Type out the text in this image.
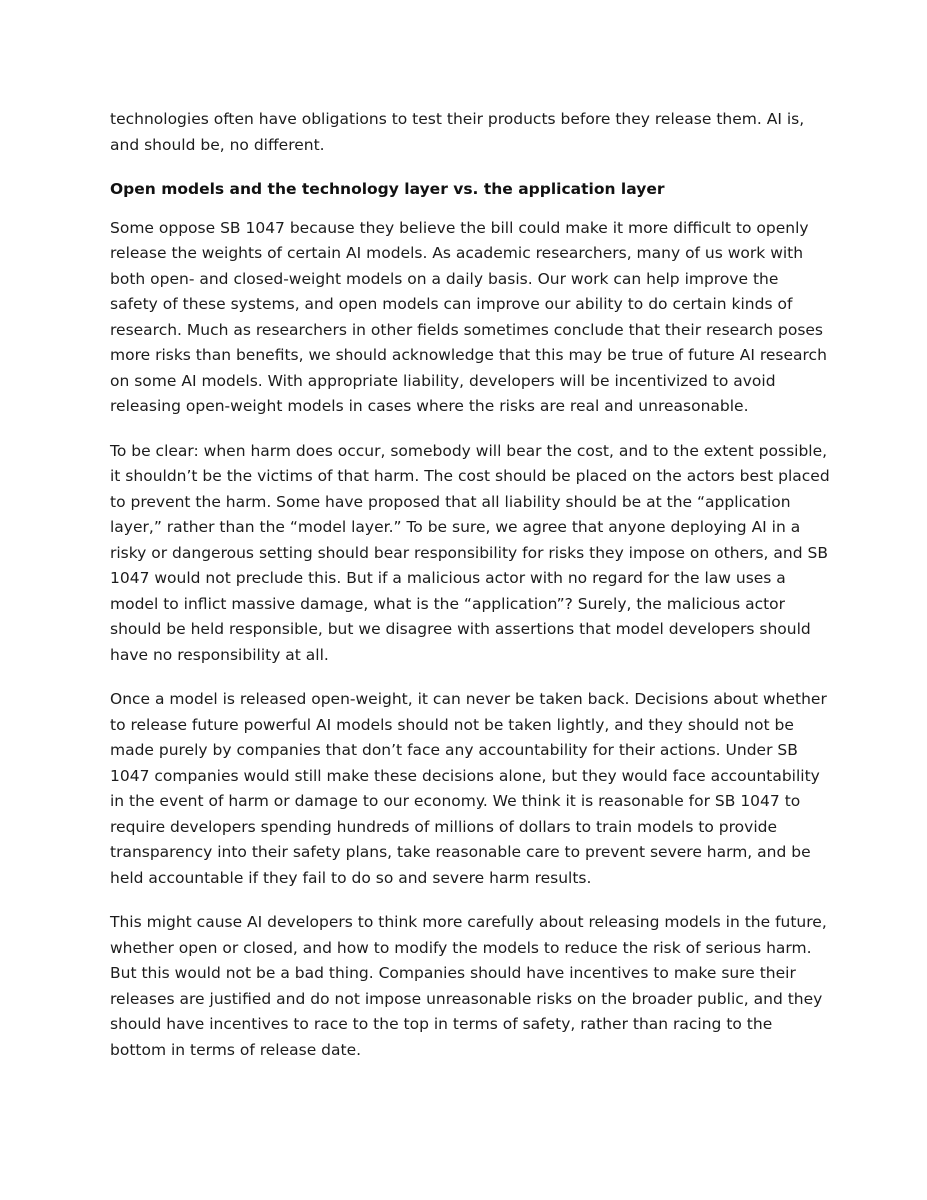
technologies often have obligations to test their products before they release them. AI is, and should be, no different.

Open models and the technology layer vs. the application layer

Some oppose SB 1047 because they believe the bill could make it more difficult to openly release the weights of certain AI models. As academic researchers, many of us work with both open- and closed-weight models on a daily basis. Our work can help improve the safety of these systems, and open models can improve our ability to do certain kinds of research. Much as researchers in other fields sometimes conclude that their research poses more risks than benefits, we should acknowledge that this may be true of future AI research on some AI models. With appropriate liability, developers will be incentivized to avoid releasing open-weight models in cases where the risks are real and unreasonable.

To be clear: when harm does occur, somebody will bear the cost, and to the extent possible, it shouldn’t be the victims of that harm. The cost should be placed on the actors best placed to prevent the harm. Some have proposed that all liability should be at the “application layer,” rather than the “model layer.” To be sure, we agree that anyone deploying AI in a risky or dangerous setting should bear responsibility for risks they impose on others, and SB 1047 would not preclude this. But if a malicious actor with no regard for the law uses a model to inflict massive damage, what is the “application”? Surely, the malicious actor should be held responsible, but we disagree with assertions that model developers should have no responsibility at all.

Once a model is released open-weight, it can never be taken back. Decisions about whether to release future powerful AI models should not be taken lightly, and they should not be made purely by companies that don’t face any accountability for their actions. Under SB 1047 companies would still make these decisions alone, but they would face accountability in the event of harm or damage to our economy. We think it is reasonable for SB 1047 to require developers spending hundreds of millions of dollars to train models to provide transparency into their safety plans, take reasonable care to prevent severe harm, and be held accountable if they fail to do so and severe harm results.

This might cause AI developers to think more carefully about releasing models in the future, whether open or closed, and how to modify the models to reduce the risk of serious harm. But this would not be a bad thing. Companies should have incentives to make sure their releases are justified and do not impose unreasonable risks on the broader public, and they should have incentives to race to the top in terms of safety, rather than racing to the bottom in terms of release date.
